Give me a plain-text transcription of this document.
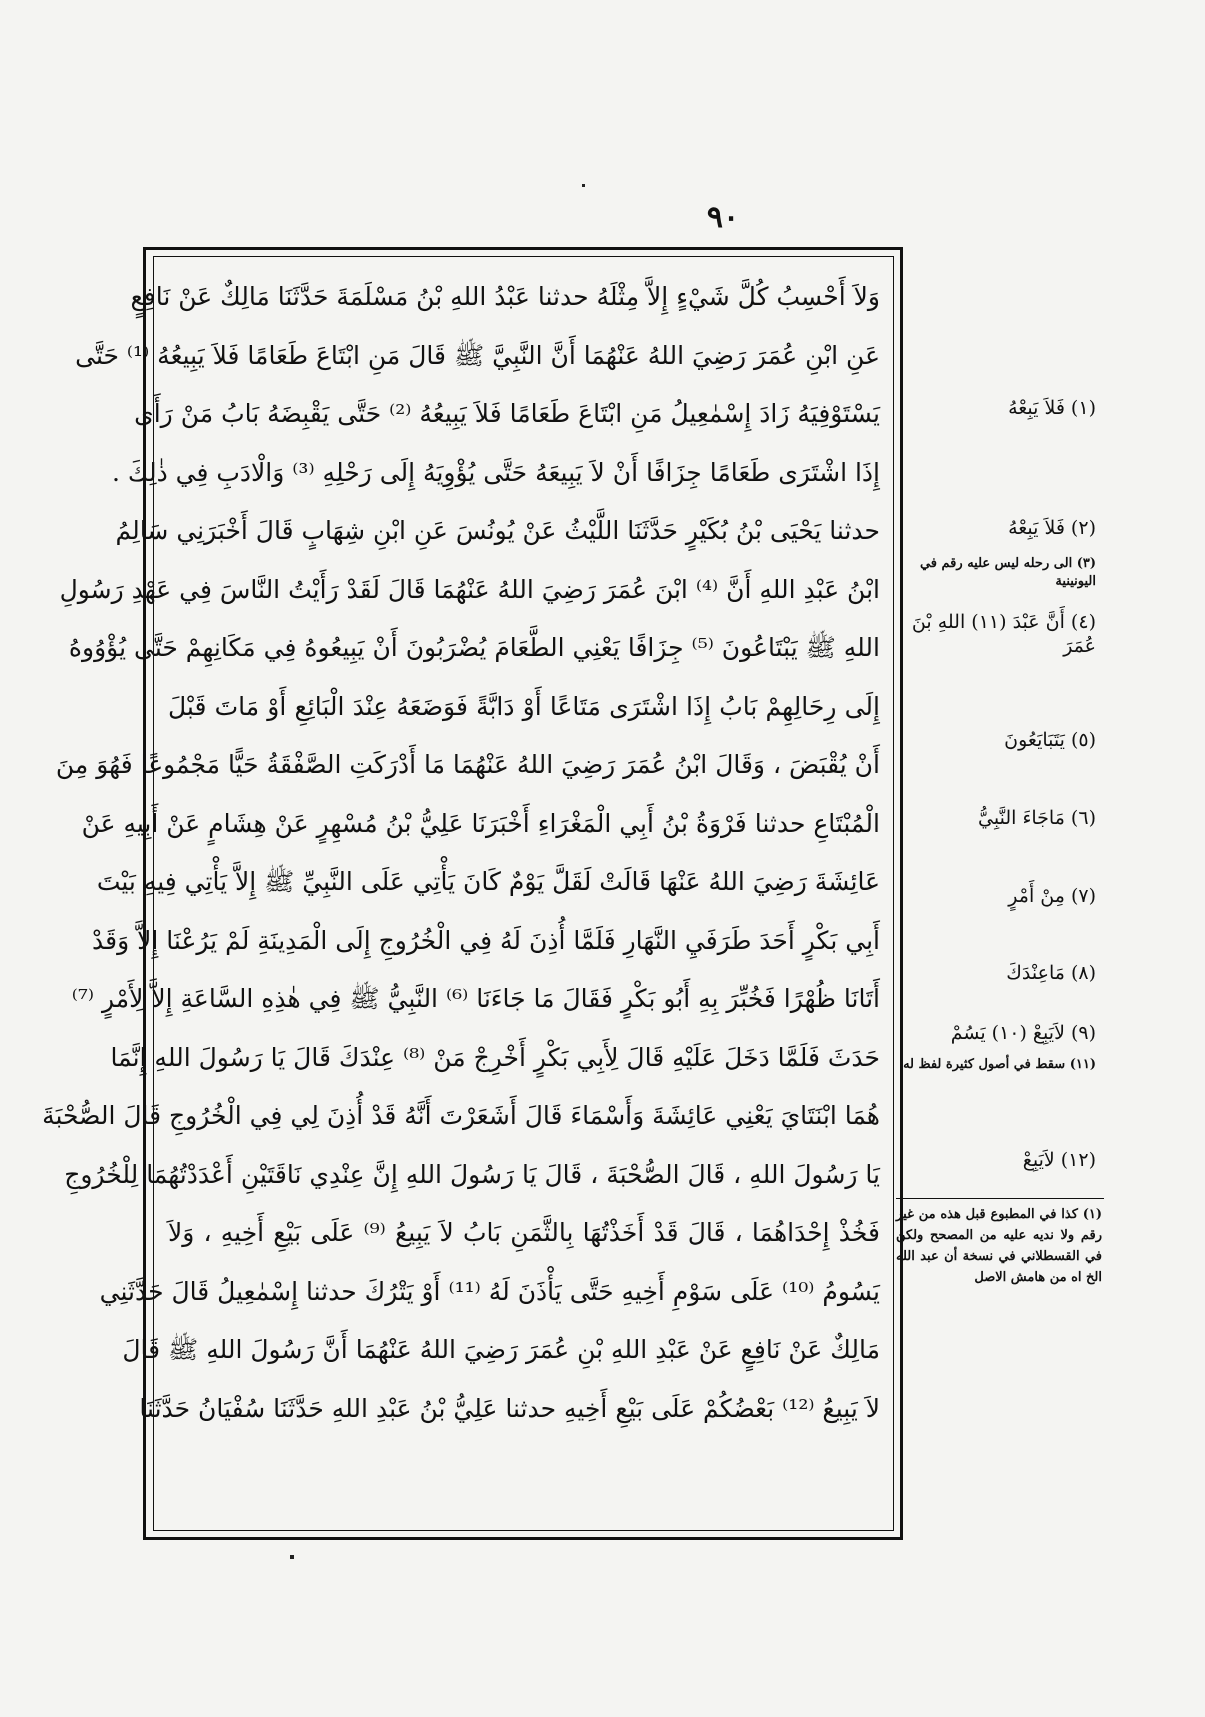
٩٠
وَلاَ أَحْسِبُ كُلَّ شَيْءٍ إِلاَّ مِثْلَهُ حدثنا عَبْدُ اللهِ بْنُ مَسْلَمَةَ حَدَّثَنَا مَالِكٌ عَنْ نَافِعٍ
عَنِ ابْنِ عُمَرَ رَضِيَ اللهُ عَنْهُمَا أَنَّ النَّبِيَّ ﷺ قَالَ مَنِ ابْتَاعَ طَعَامًا فَلاَ يَبِيعُهُ ⁽¹⁾ حَتَّى
يَسْتَوْفِيَهُ زَادَ إِسْمٰعِيلُ مَنِ ابْتَاعَ طَعَامًا فَلاَ يَبِيعُهُ ⁽²⁾ حَتَّى يَقْبِضَهُ بَابُ مَنْ رَأَى
إِذَا اشْتَرَى طَعَامًا جِزَافًا أَنْ لاَ يَبِيعَهُ حَتَّى يُؤْوِيَهُ إِلَى رَحْلِهِ ⁽³⁾ وَالْادَبِ فِي ذٰلِكَ .
حدثنا يَحْيَى بْنُ بُكَيْرٍ حَدَّثَنَا اللَّيْثُ عَنْ يُونُسَ عَنِ ابْنِ شِهَابٍ قَالَ أَخْبَرَنِي سَالِمُ
ابْنُ عَبْدِ اللهِ أَنَّ ⁽⁴⁾ ابْنَ عُمَرَ رَضِيَ اللهُ عَنْهُمَا قَالَ لَقَدْ رَأَيْتُ النَّاسَ فِي عَهْدِ رَسُولِ
اللهِ ﷺ يَبْتَاعُونَ ⁽⁵⁾ جِزَافًا يَعْنِي الطَّعَامَ يُضْرَبُونَ أَنْ يَبِيعُوهُ فِي مَكَانِهِمْ حَتَّى يُؤْوُوهُ
إِلَى رِحَالِهِمْ بَابُ إِذَا اشْتَرَى مَتَاعًا أَوْ دَابَّةً فَوَضَعَهُ عِنْدَ الْبَائِعِ أَوْ مَاتَ قَبْلَ
أَنْ يُقْبَضَ ، وَقَالَ ابْنُ عُمَرَ رَضِيَ اللهُ عَنْهُمَا مَا أَدْرَكَتِ الصَّفْقَةُ حَيًّا مَجْمُوعًا فَهُوَ مِنَ
الْمُبْتَاعِ حدثنا فَرْوَةُ بْنُ أَبِي الْمَغْرَاءِ أَخْبَرَنَا عَلِيُّ بْنُ مُسْهِرٍ عَنْ هِشَامٍ عَنْ أَبِيهِ عَنْ
عَائِشَةَ رَضِيَ اللهُ عَنْهَا قَالَتْ لَقَلَّ يَوْمٌ كَانَ يَأْتِي عَلَى النَّبِيِّ ﷺ إِلاَّ يَأْتِي فِيهِ بَيْتَ
أَبِي بَكْرٍ أَحَدَ طَرَفَيِ النَّهَارِ فَلَمَّا أُذِنَ لَهُ فِي الْخُرُوجِ إِلَى الْمَدِينَةِ لَمْ يَرُعْنَا إِلاَّ وَقَدْ
أَتَانَا ظُهْرًا فَخُبِّرَ بِهِ أَبُو بَكْرٍ فَقَالَ مَا جَاءَنَا ⁽⁶⁾ النَّبِيُّ ﷺ فِي هٰذِهِ السَّاعَةِ إِلاَّ لِأَمْرٍ ⁽⁷⁾
حَدَثَ فَلَمَّا دَخَلَ عَلَيْهِ قَالَ لِأَبِي بَكْرٍ أَخْرِجْ مَنْ ⁽⁸⁾ عِنْدَكَ قَالَ يَا رَسُولَ اللهِ إِنَّمَا
هُمَا ابْنَتَايَ يَعْنِي عَائِشَةَ وَأَسْمَاءَ قَالَ أَشَعَرْتَ أَنَّهُ قَدْ أُذِنَ لِي فِي الْخُرُوجِ قَالَ الصُّحْبَةَ
يَا رَسُولَ اللهِ ، قَالَ الصُّحْبَةَ ، قَالَ يَا رَسُولَ اللهِ إِنَّ عِنْدِي نَاقَتَيْنِ أَعْدَدْتُهُمَا لِلْخُرُوجِ
فَخُذْ إِحْدَاهُمَا ، قَالَ قَدْ أَخَذْتُهَا بِالثَّمَنِ بَابُ لاَ يَبِيعُ ⁽⁹⁾ عَلَى بَيْعِ أَخِيهِ ، وَلاَ
يَسُومُ ⁽¹⁰⁾ عَلَى سَوْمِ أَخِيهِ حَتَّى يَأْذَنَ لَهُ ⁽¹¹⁾ أَوْ يَتْرُكَ حدثنا إِسْمٰعِيلُ قَالَ حَدَّثَنِي
مَالِكٌ عَنْ نَافِعٍ عَنْ عَبْدِ اللهِ بْنِ عُمَرَ رَضِيَ اللهُ عَنْهُمَا أَنَّ رَسُولَ اللهِ ﷺ قَالَ
لاَ يَبِيعُ ⁽¹²⁾ بَعْضُكُمْ عَلَى بَيْعِ أَخِيهِ حدثنا عَلِيُّ بْنُ عَبْدِ اللهِ حَدَّثَنَا سُفْيَانُ حَدَّثَنَا
(١) فَلاَ يَبِعْهُ
(٢) فَلاَ يَبِعْهُ
(٣) الى رحله ليس عليه رقم في اليونينية
(٤) أَنَّ عَبْدَ (١١) اللهِ بْنَ عُمَرَ
(٥) يَتَبَايَعُونَ
(٦) مَاجَاءَ النَّبِيُّ
(٧) مِنْ أَمْرٍ
(٨) مَاعِنْدَكَ
(٩) لاَيَبِعْ (١٠) يَسُمْ
(١١) سقط في أصول كثيرة لفظ له
(١٢) لاَيَبِعْ
(١) كذا في المطبوع قبل هذه من غير رقم ولا نديه عليه من المصحح ولكن في القسطلاني في نسخة أن عبد الله الخ اه من هامش الاصل
